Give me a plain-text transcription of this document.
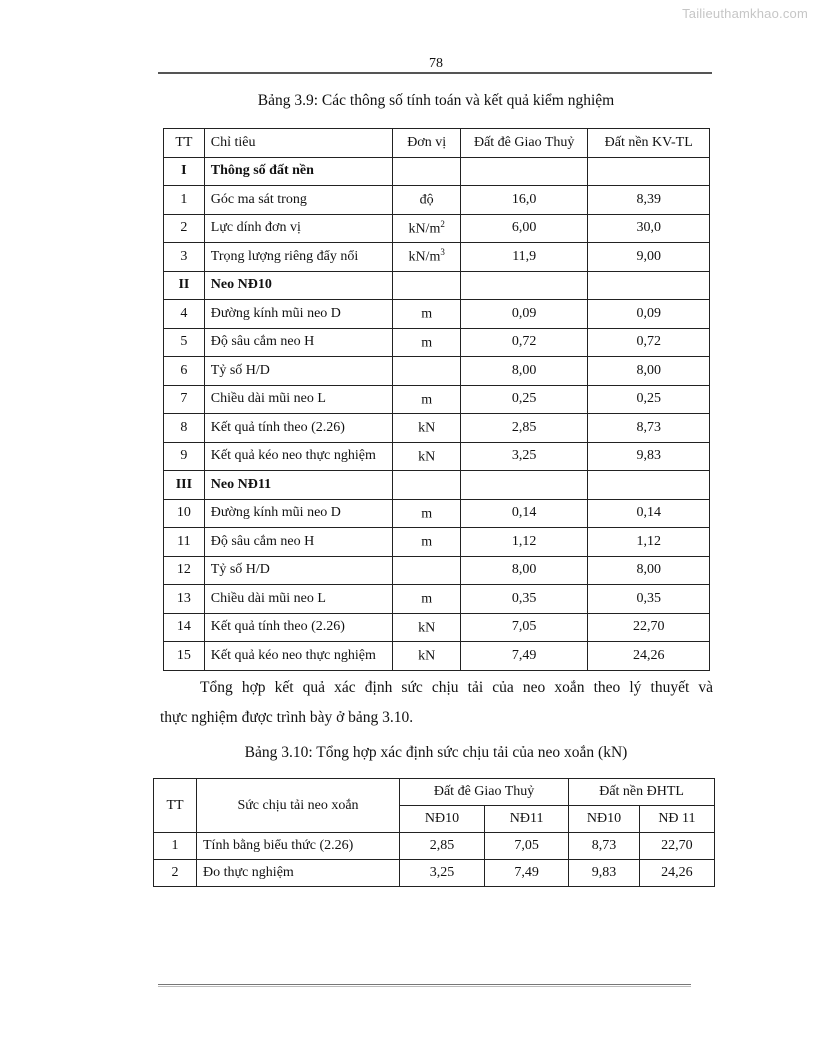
Tailieuthamkhao.com
78
Bảng 3.9: Các thông số tính toán và kết quả kiểm nghiệm
TT	Chỉ tiêu	Đơn vị	Đất đê Giao Thuỷ	Đất nền KV-TL
I	Thông số đất nền			
1	Góc ma sát trong	độ	16,0	8,39
2	Lực dính đơn vị	$kN/m^2$	6,00	30,0
3	Trọng lượng riêng đẩy nổi	$kN/m^3$	11,9	9,00
II	Neo NĐ10			
4	Đường kính mũi neo D	m	0,09	0,09
5	Độ sâu cắm neo H	m	0,72	0,72
6	Tỷ số H/D		8,00	8,00
7	Chiều dài mũi neo L	m	0,25	0,25
8	Kết quả tính theo (2.26)	kN	2,85	8,73
9	Kết quả kéo neo thực nghiệm	kN	3,25	9,83
III	Neo NĐ11			
10	Đường kính mũi neo D	m	0,14	0,14
11	Độ sâu cắm neo H	m	1,12	1,12
12	Tỷ số H/D		8,00	8,00
13	Chiều dài mũi neo L	m	0,35	0,35
14	Kết quả tính theo (2.26)	kN	7,05	22,70
15	Kết quả kéo neo thực nghiệm	kN	7,49	24,26
Tổng hợp kết quả xác định sức chịu tải của neo xoắn theo lý thuyết và
thực nghiệm được trình bày ở bảng 3.10.
Bảng 3.10: Tổng hợp xác định sức chịu tải của neo xoắn (kN)
TT	Sức chịu tải neo xoắn	Đất đê Giao Thuỷ		Đất nền ĐHTL	
		NĐ10	NĐ11	NĐ10	NĐ 11
1	Tính bằng biểu thức (2.26)	2,85	7,05	8,73	22,70
2	Đo thực nghiệm	3,25	7,49	9,83	24,26
